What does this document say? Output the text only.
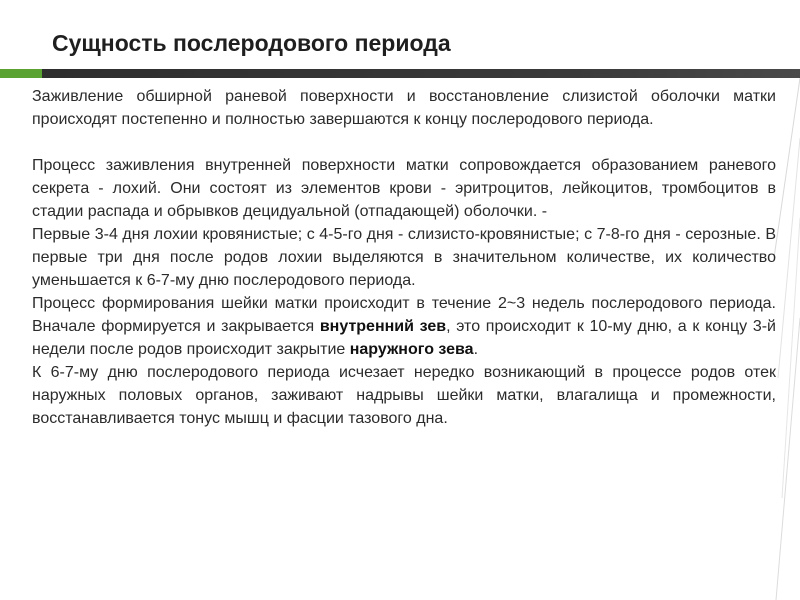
Сущность послеродового периода

Заживление обширной раневой поверхности и восстановление слизистой оболочки матки происходят постепенно и полностью завершаются к концу послеродового периода.

Процесс заживления внутренней поверхности матки сопровождается образованием раневого секрета - лохий. Они состоят из элементов крови - эритроцитов, лейкоцитов, тромбоцитов в стадии распада и обрывков децидуальной (отпадающей) оболочки. -

Первые 3-4 дня лохии кровянистые; с 4-5-го дня - слизисто-кровянистые; с 7-8-го дня - серозные. В первые три дня после родов лохии выделяются в значительном количестве, их количество уменьшается к 6-7-му дню послеродового периода.

Процесс формирования шейки матки происходит в течение 2~3 недель послеродового периода. Вначале формируется и закрывается внутренний зев, это происходит к 10-му дню, а к концу 3-й недели после родов происходит закрытие наружного зева.

К 6-7-му дню послеродового периода исчезает нередко возникающий в процессе родов отек наружных половых органов, заживают надрывы шейки матки, влагалища и промежности, восстанавливается тонус мышц и фасции тазового дна.
